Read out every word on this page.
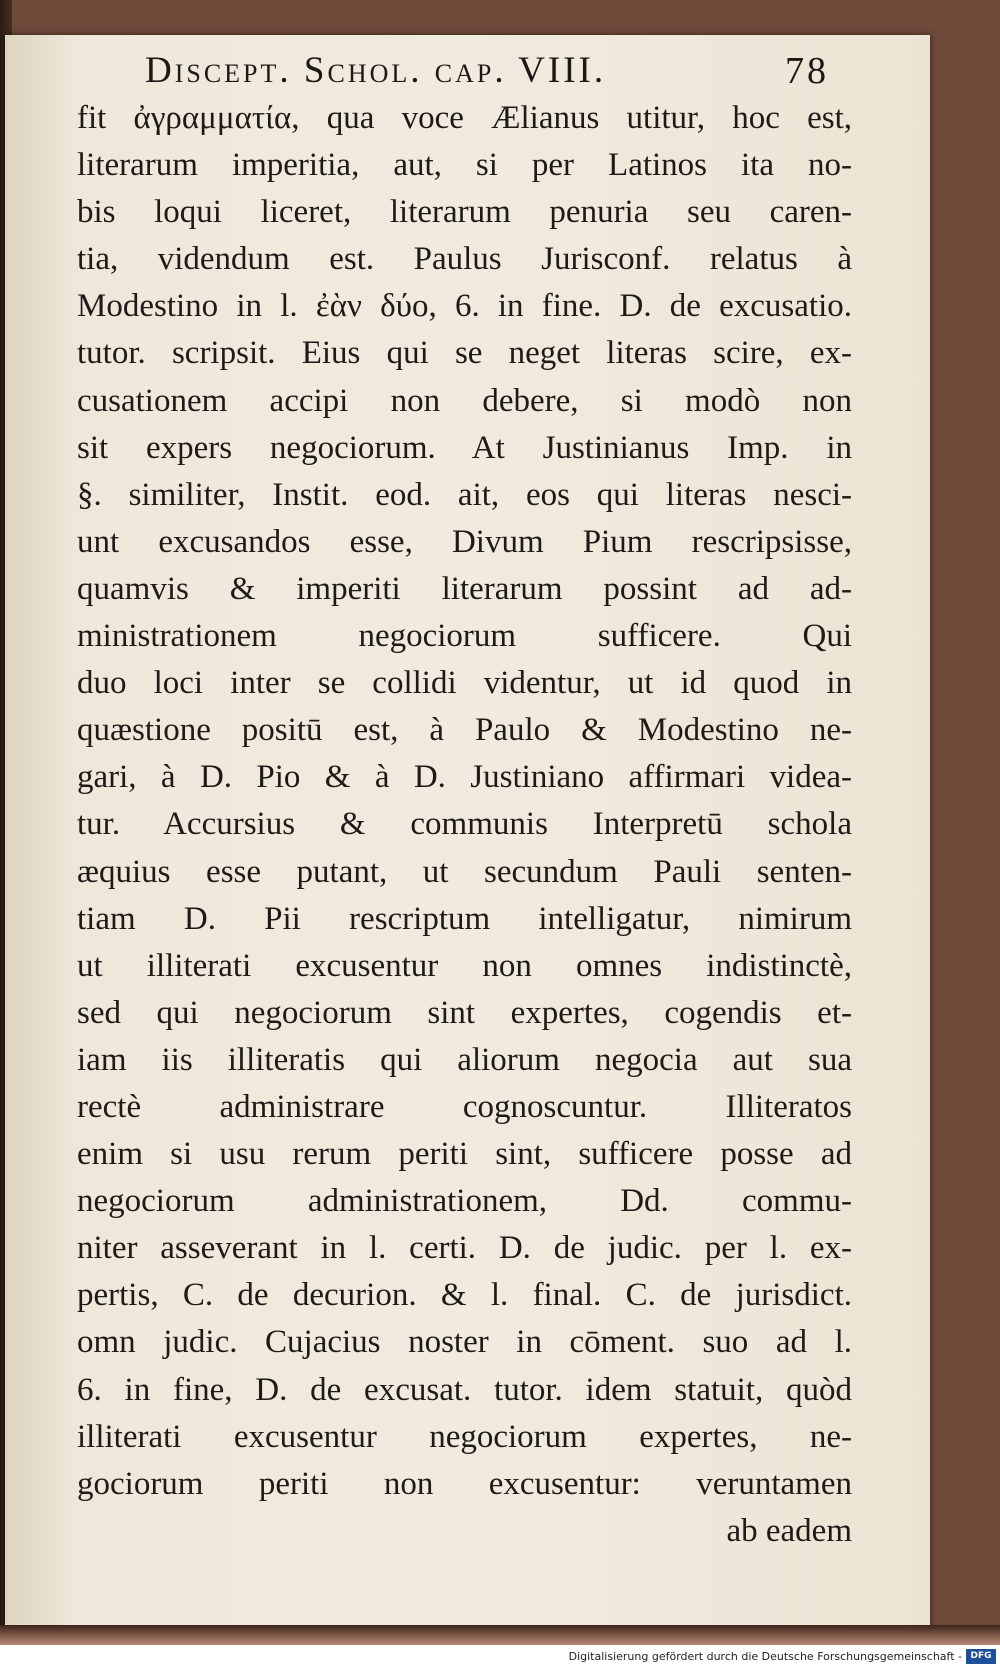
Discept. Schol. cap. VIII.	78
fit ἀγραμματία, qua voce Ælianus utitur, hoc est,
literarum imperitia, aut, si per Latinos ita no-
bis loqui liceret, literarum penuria seu caren-
tia, videndum est. Paulus Jurisconf. relatus à
Modestino in l. ἐὰν δύο, 6. in fine. D. de excusatio.
tutor. scripsit. Eius qui se neget literas scire, ex-
cusationem accipi non debere, si modò non
sit expers negociorum. At Justinianus Imp. in
§. similiter, Instit. eod. ait, eos qui literas nesci-
unt excusandos esse, Divum Pium rescripsisse,
quamvis & imperiti literarum possint ad ad-
ministrationem negociorum sufficere. Qui
duo loci inter se collidi videntur, ut id quod in
quæstione positū est, à Paulo & Modestino ne-
gari, à D. Pio & à D. Justiniano affirmari videa-
tur. Accursius & communis Interpretū schola
æquius esse putant, ut secundum Pauli senten-
tiam D. Pii rescriptum intelligatur, nimirum
ut illiterati excusentur non omnes indistinctè,
sed qui negociorum sint expertes, cogendis et-
iam iis illiteratis qui aliorum negocia aut sua
rectè administrare cognoscuntur. Illiteratos
enim si usu rerum periti sint, sufficere posse ad
negociorum administrationem, Dd. commu-
niter asseverant in l. certi. D. de judic. per l. ex-
pertis, C. de decurion. & l. final. C. de jurisdict.
omn judic. Cujacius noster in cōment. suo ad l.
6. in fine, D. de excusat. tutor. idem statuit, quòd
illiterati excusentur negociorum expertes, ne-
gociorum periti non excusentur: veruntamen
ab eadem
Digitalisierung gefördert durch die Deutsche Forschungsgemeinschaft - DFG
